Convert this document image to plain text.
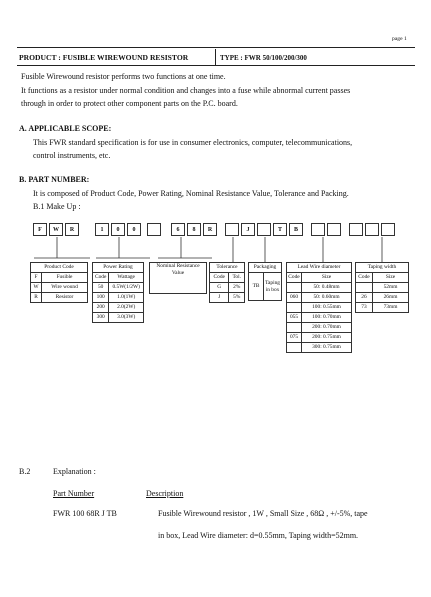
page 1
PRODUCT : FUSIBLE WIREWOUND RESISTOR	TYPE : FWR 50/100/200/300
Fusible Wirewound resistor performs two functions at one time.
It functions as a resistor under normal condition and changes into a fuse while abnormal current passes
through in order to protect other component parts on the P.C. board.
A. APPLICABLE SCOPE:
This FWR standard specification is for use in consumer electronics, computer, telecommunications,
control instruments, etc.
B. PART NUMBER:
It is composed of Product Code, Power Rating, Nominal Resistance Value, Tolerance and Packing.
B.1 Make Up :
F	W	R	1	0	0	6	8	R	J	T	B
Product Code	
F	Fusible
W	Wire wound
R	Resistor
Power Rating	
Code	Wattage
50	0.5W(1/2W)
100	1.0(1W)
200	2.0(2W)
300	3.0(3W)
Nominal Resistance
Value
Tolerance	
Code	Tol.
G	2%
J	5%
Packaging
TB	Taping in box
Lead Wire diameter	
Code	Size
	50: 0.48mm
060	50: 0.60mm
	100: 0.55mm
055	100: 0.70mm
	200: 0.70mm
075	200: 0.75mm
	300: 0.75mm
Taping width	
Code	Size
	52mm
26	26mm
73	73mm
B.2	Explanation :
Part Number	Description
FWR 100 68R J TB	Fusible Wirewound resistor , 1W , Small Size , 68Ω , +/-5%, tape
in box, Lead Wire diameter: d=0.55mm, Taping width=52mm.
